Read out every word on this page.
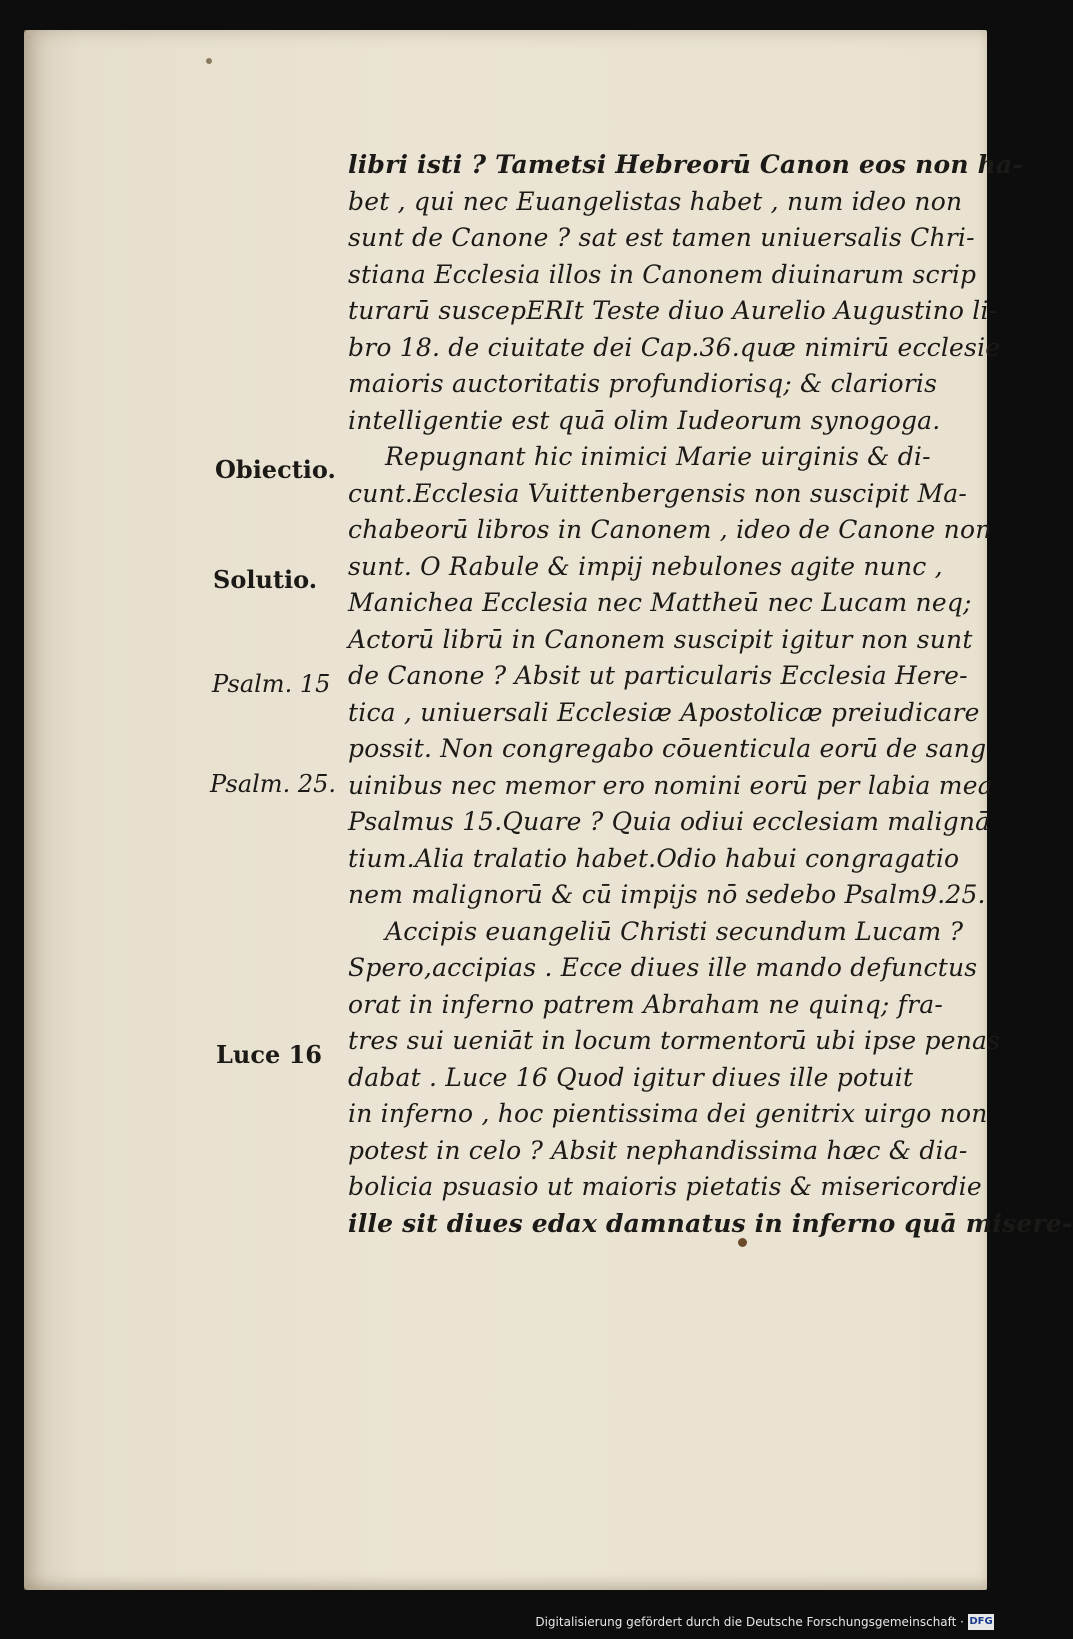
libri isti ? Tametsi Hebreorū Canon eos non ha-
bet , qui nec Euangelistas habet , num ideo non
sunt de Canone ? sat est tamen uniuersalis Chri-
stiana Ecclesia illos in Canonem diuinarum scrip
turarū suscepERIt Teste diuo Aurelio Augustino li-
bro 18. de ciuitate dei Cap.36.quæ nimirū ecclesie
maioris auctoritatis profundiorisq; & clarioris
intelligentie est quā olim Iudeorum synogoga.
Repugnant hic inimici Marie uirginis & di-
cunt.Ecclesia Vuittenbergensis non suscipit Ma-
chabeorū libros in Canonem , ideo de Canone non
sunt. O Rabule & impij nebulones agite nunc ,
Manichea Ecclesia nec Mattheū nec Lucam neq;
Actorū librū in Canonem suscipit igitur non sunt
de Canone ? Absit ut particularis Ecclesia Here-
tica , uniuersali Ecclesiæ Apostolicæ preiudicare
possit. Non congregabo cōuenticula eorū de sang
uinibus nec memor ero nomini eorū per labia mea
Psalmus 15.Quare ? Quia odiui ecclesiam malignā
tium.Alia tralatio habet.Odio habui congragatio
nem malignorū & cū impijs nō sedebo Psalm9.25.
Accipis euangeliū Christi secundum Lucam ?
Spero,accipias . Ecce diues ille mando defunctus
orat in inferno patrem Abraham ne quinq; fra-
tres sui ueniāt in locum tormentorū ubi ipse penas
dabat . Luce 16 Quod igitur diues ille potuit
in inferno , hoc pientissima dei genitrix uirgo non
potest in celo ? Absit nephandissima hæc & dia-
bolicia psuasio ut maioris pietatis & misericordie
ille sit diues edax damnatus in inferno quā misere-
Obiectio.
Solutio.
Psalm. 15
Psalm. 25.
Luce 16
Digitalisierung gefördert durch die Deutsche Forschungsgemeinschaft · DFG
